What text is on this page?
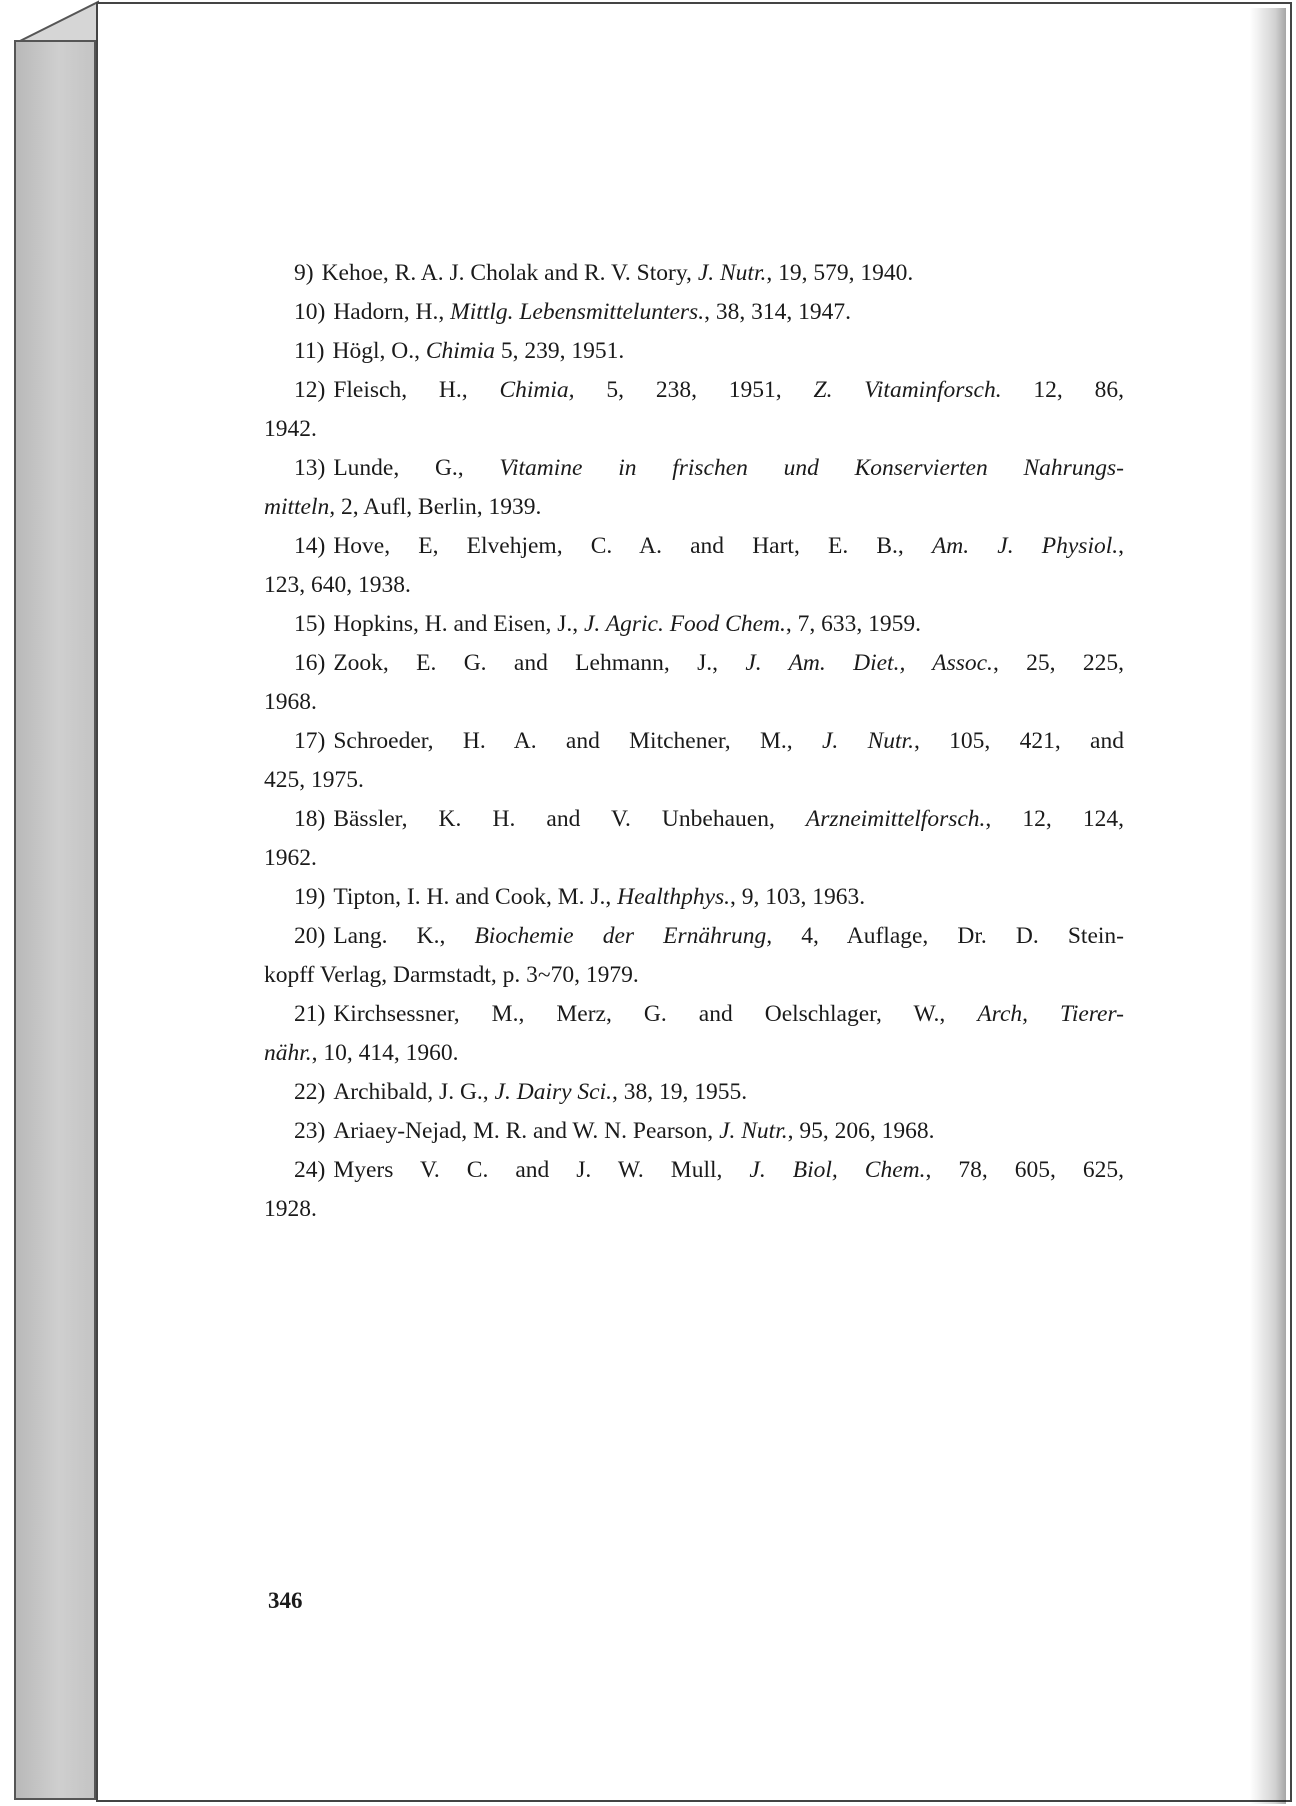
9) Kehoe, R. A. J. Cholak and R. V. Story, J. Nutr., 19, 579, 1940.
10) Hadorn, H., Mittlg. Lebensmittelunters., 38, 314, 1947.
11) Högl, O., Chimia 5, 239, 1951.
12) Fleisch, H., Chimia, 5, 238, 1951, Z. Vitaminforsch. 12, 86,
1942.
13) Lunde, G., Vitamine in frischen und Konservierten Nahrungs-
mitteln, 2, Aufl, Berlin, 1939.
14) Hove, E, Elvehjem, C. A. and Hart, E. B., Am. J. Physiol.,
123, 640, 1938.
15) Hopkins, H. and Eisen, J., J. Agric. Food Chem., 7, 633, 1959.
16) Zook, E. G. and Lehmann, J., J. Am. Diet., Assoc., 25, 225,
1968.
17) Schroeder, H. A. and Mitchener, M., J. Nutr., 105, 421, and
425, 1975.
18) Bässler, K. H. and V. Unbehauen, Arzneimittelforsch., 12, 124,
1962.
19) Tipton, I. H. and Cook, M. J., Healthphys., 9, 103, 1963.
20) Lang. K., Biochemie der Ernährung, 4, Auflage, Dr. D. Stein-
kopff Verlag, Darmstadt, p. 3~70, 1979.
21) Kirchsessner, M., Merz, G. and Oelschlager, W., Arch, Tierer-
nähr., 10, 414, 1960.
22) Archibald, J. G., J. Dairy Sci., 38, 19, 1955.
23) Ariaey-Nejad, M. R. and W. N. Pearson, J. Nutr., 95, 206, 1968.
24) Myers V. C. and J. W. Mull, J. Biol, Chem., 78, 605, 625,
1928.
346
